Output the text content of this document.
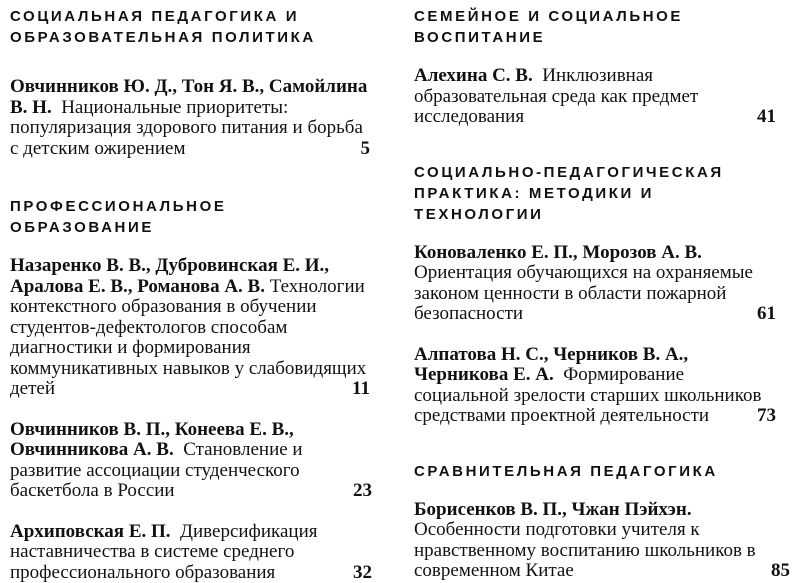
СОЦИАЛЬНАЯ ПЕДАГОГИКА И
ОБРАЗОВАТЕЛЬНАЯ ПОЛИТИКА

Овчинников Ю. Д., Тон Я. В., Самойлина В. Н. Национальные приоритеты: популяризация здорового питания и борьба с детским ожирением	5

ПРОФЕССИОНАЛЬНОЕ ОБРАЗОВАНИЕ

Назаренко В. В., Дубровинская Е. И., Аралова Е. В., Романова А. В. Технологии контекстного образования в обучении студентов-дефектологов способам диагностики и формирования коммуникативных навыков у слабовидящих детей	11

Овчинников В. П., Конеева Е. В., Овчинникова А. В. Становление и развитие ассоциации студенческого баскетбола в России	23

Архиповская Е. П. Диверсификация наставничества в системе среднего профессионального образования	32

СЕМЕЙНОЕ И СОЦИАЛЬНОЕ ВОСПИТАНИЕ

Алехина С. В. Инклюзивная образовательная среда как предмет исследования	41

СОЦИАЛЬНО-ПЕДАГОГИЧЕСКАЯ
ПРАКТИКА: МЕТОДИКИ И ТЕХНОЛОГИИ

Коноваленко Е. П., Морозов А. В. Ориентация обучающихся на охраняемые законом ценности в области пожарной безопасности	61

Алпатова Н. С., Черников В. А., Черникова Е. А. Формирование социальной зрелости старших школьников средствами проектной деятельности	73

СРАВНИТЕЛЬНАЯ ПЕДАГОГИКА

Борисенков В. П., Чжан Пэйхэн. Особенности подготовки учителя к нравственному воспитанию школьников в современном Китае	85
